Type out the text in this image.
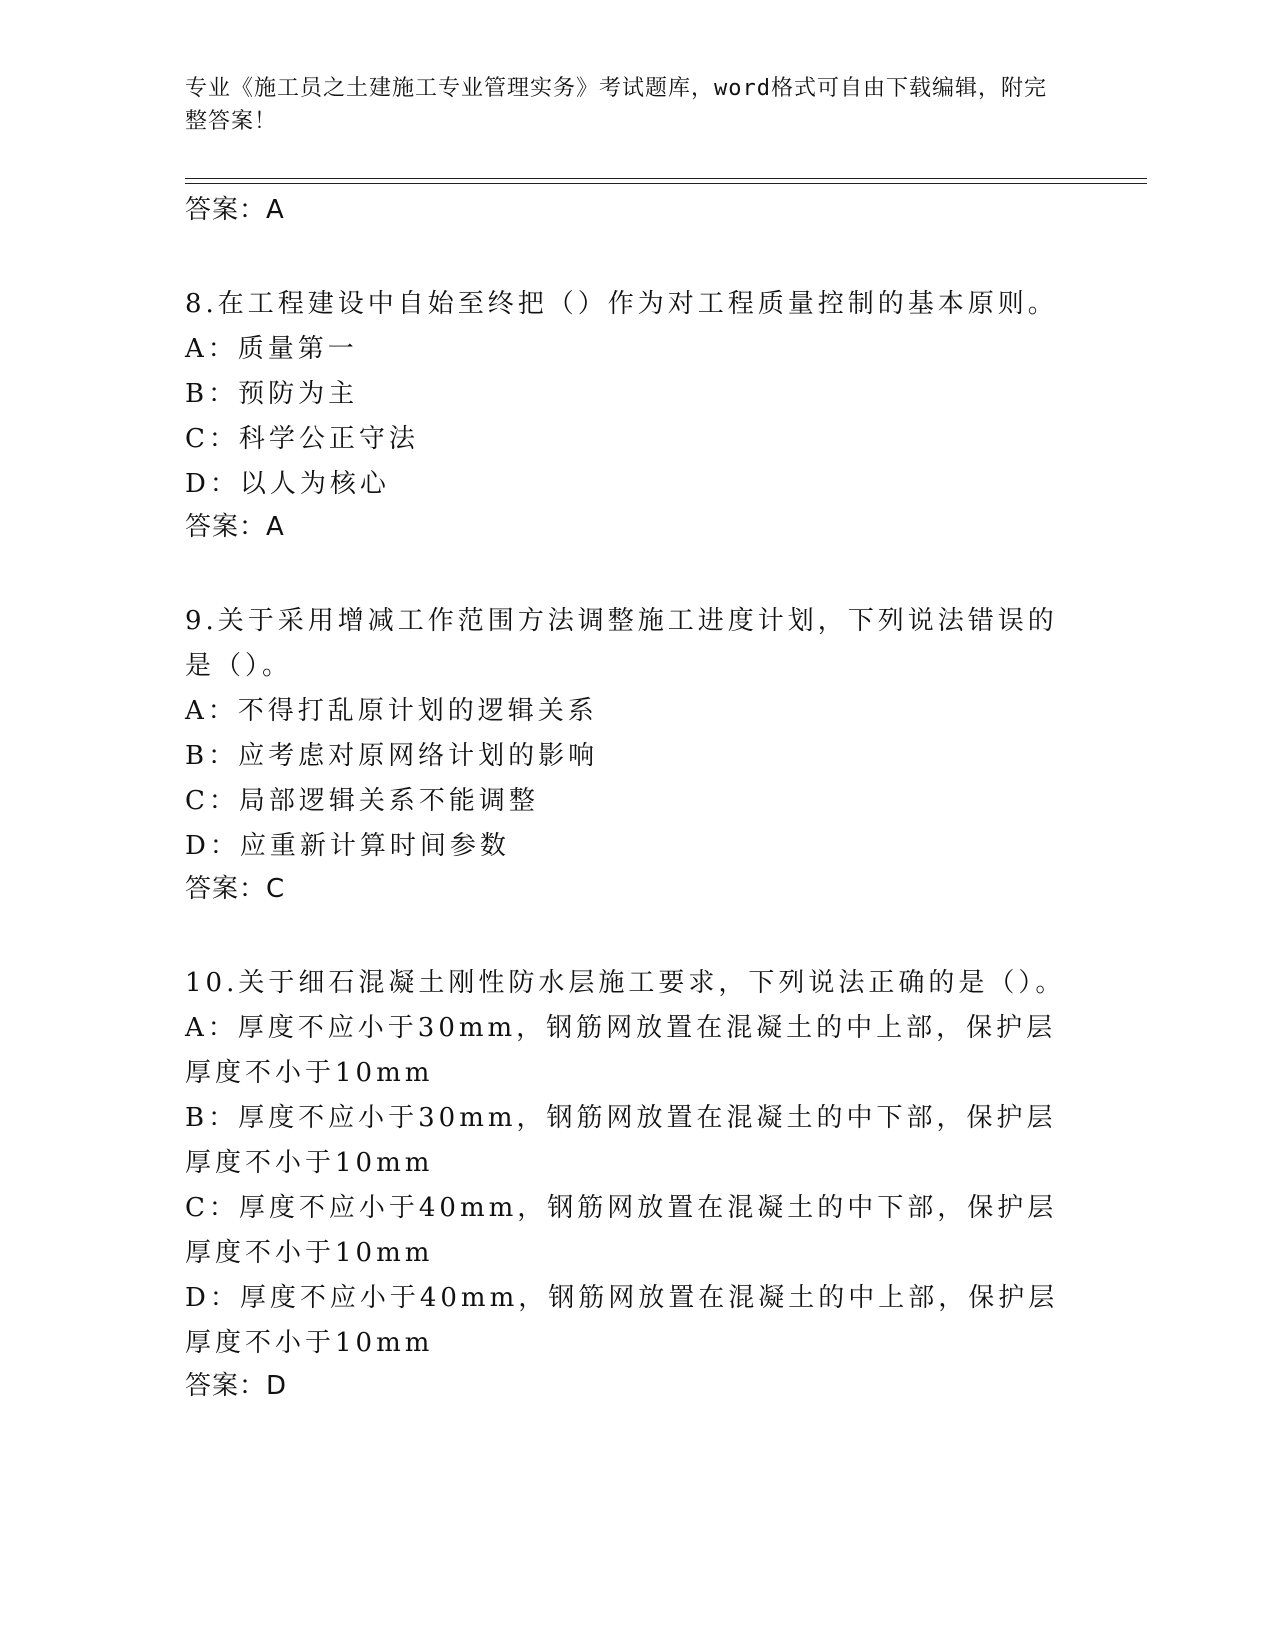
专业《施工员之土建施工专业管理实务》考试题库，word格式可自由下载编辑，附完整答案！
答案：A
8.在工程建设中自始至终把（）作为对工程质量控制的基本原则。
A：质量第一
B：预防为主
C：科学公正守法
D：以人为核心
答案：A
9.关于采用增减工作范围方法调整施工进度计划，下列说法错误的是（）。
A：不得打乱原计划的逻辑关系
B：应考虑对原网络计划的影响
C：局部逻辑关系不能调整
D：应重新计算时间参数
答案：C
10.关于细石混凝土刚性防水层施工要求，下列说法正确的是（）。
A：厚度不应小于30mm，钢筋网放置在混凝土的中上部，保护层厚度不小于10mm
B：厚度不应小于30mm，钢筋网放置在混凝土的中下部，保护层厚度不小于10mm
C：厚度不应小于40mm，钢筋网放置在混凝土的中下部，保护层厚度不小于10mm
D：厚度不应小于40mm，钢筋网放置在混凝土的中上部，保护层厚度不小于10mm
答案：D
